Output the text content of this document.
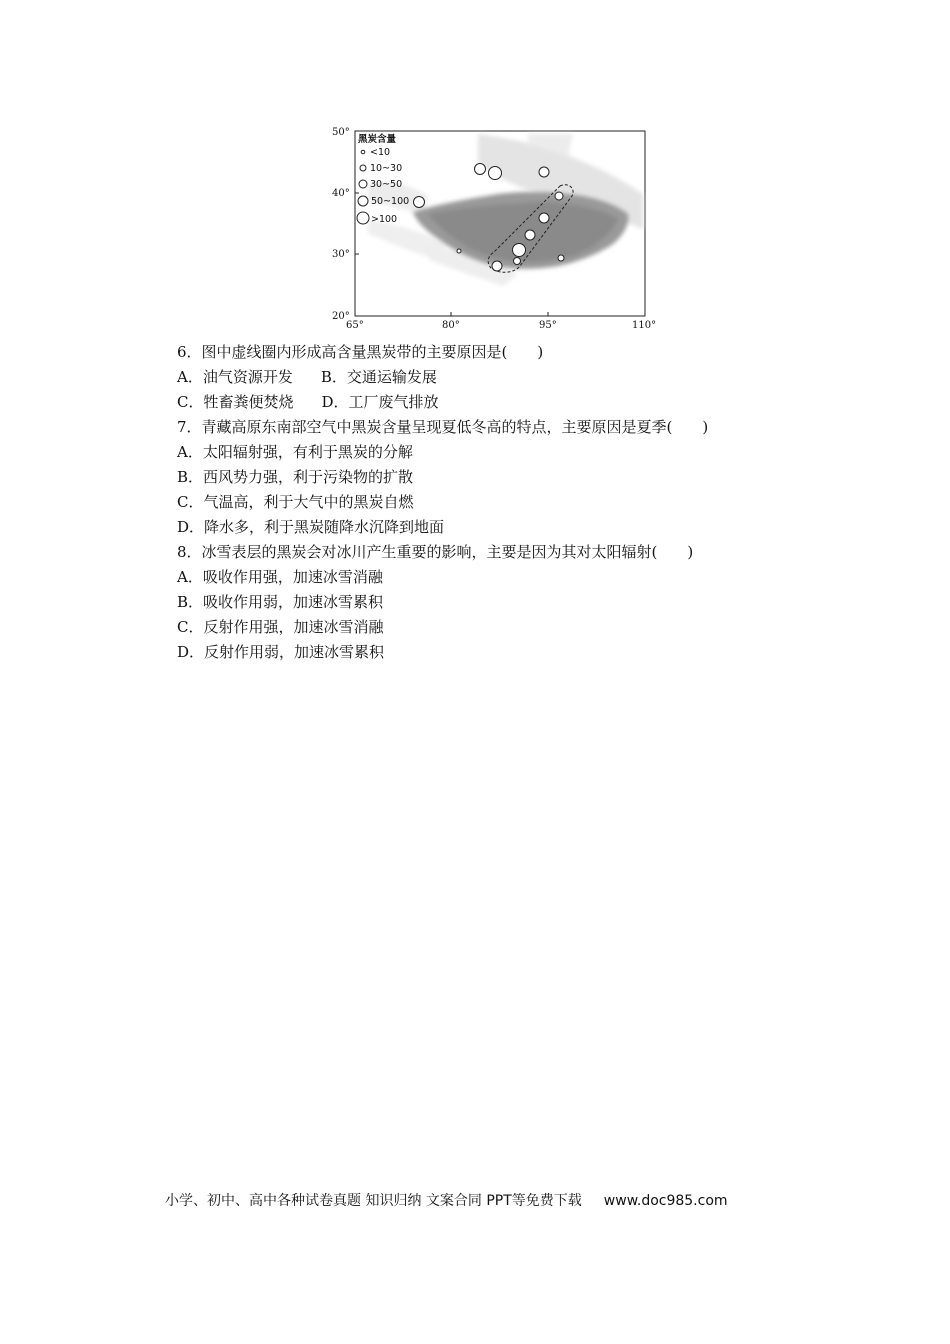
黑炭含量
<10
10~30
30~50
50~100
>100
50°
40°
30°
20°
65°	80°	95°	110°
6．图中虚线圈内形成高含量黑炭带的主要原因是(　　)
A．油气资源开发 B．交通运输发展
C．牲畜粪便焚烧 D．工厂废气排放
7．青藏高原东南部空气中黑炭含量呈现夏低冬高的特点，主要原因是夏季(　　)
A．太阳辐射强，有利于黑炭的分解
B．西风势力强，利于污染物的扩散
C．气温高，利于大气中的黑炭自燃
D．降水多，利于黑炭随降水沉降到地面
8．冰雪表层的黑炭会对冰川产生重要的影响，主要是因为其对太阳辐射(　　)
A．吸收作用强，加速冰雪消融
B．吸收作用弱，加速冰雪累积
C．反射作用强，加速冰雪消融
D．反射作用弱，加速冰雪累积
小学、初中、高中各种试卷真题 知识归纳 文案合同 PPT等免费下载 www.doc985.com
